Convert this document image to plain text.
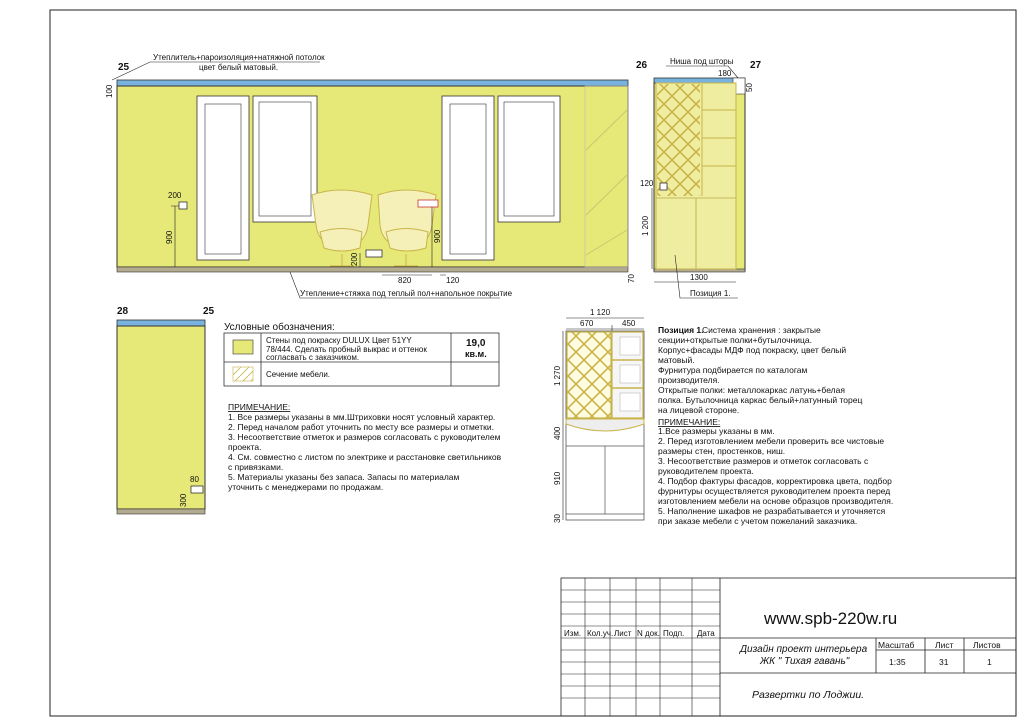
Утеплитель+пароизоляция+натяжной потолок
цвет белый матовый.
25
100
200
900
200
900
820	120	70
Утепление+стяжка под теплый пол+напольное покрытие
26	27
Ниша под шторы
180
50
120
1 200
1300
Позиция 1.
28	25
80
300
Условные обозначения:
Стены под покраску DULUX Цвет 51YY
78/444. Сделать пробный выкрас и оттенок
согласвать с заказчиком.
19,0
кв.м.
Сечение мебели.
ПРИМЕЧАНИЕ:
1. Все размеры указаны в мм.Штриховки носят условный характер.
2. Перед началом работ уточнить по месту все размеры и отметки.
3. Несоответствие отметок и размеров согласовать с руководителем
проекта.
4. См. совместно с листом по электрике и расстановке светильников
с привязками.
5. Материалы указаны без запаса. Запасы по материалам
уточнить с менеджерами по продажам.
1 120
670	450
1 270
400
910
30
Позиция 1.
Система хранения : закрытые
секции+открытые полки+бутылочница.
Корпус+фасады МДФ под покраску, цвет белый
матовый.
Фурнитура подбирается по каталогам
производителя.
Открытые полки: металлокаркас латунь+белая
полка. Бутылочница каркас белый+латунный торец
на лицевой стороне.
ПРИМЕЧАНИЕ:
1.Все размеры указаны в мм.
2. Перед изготовлением мебели проверить все чистовые
размеры стен, простенков, ниш.
3. Несоответствие размеров и отметок согласовать с
руководителем проекта.
4. Подбор фактуры фасадов, корректировка цвета, подбор
фурнитуры осуществляется руководителем проекта перед
изготовлением мебели на основе образцов производителя.
5. Наполнение шкафов не разрабатывается и уточняется
при заказе мебели с учетом пожеланий заказчика.
Изм. Кол.уч. Лист N док. Подп. Дата
www.spb-220w.ru
Дизайн проект интерьера
ЖК " Тихая гавань"
Масштаб Лист Листов
1:35	31	1
Развертки по Лоджии.
